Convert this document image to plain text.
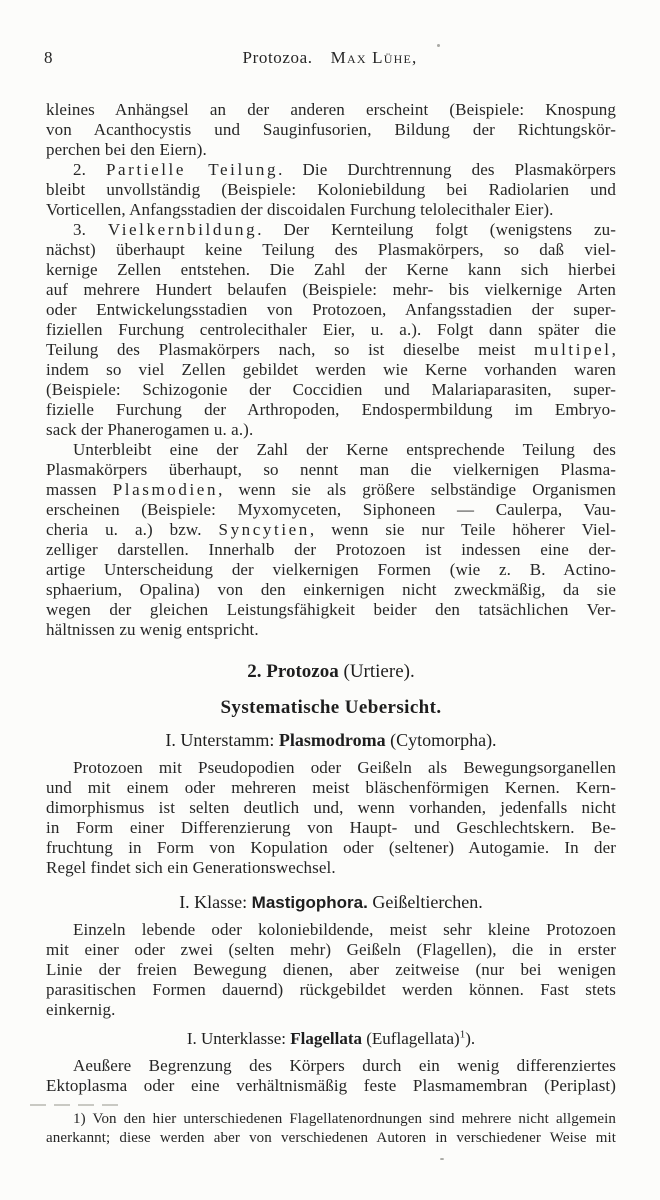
8	Protozoa. Max Lühe,
kleines Anhängsel an der anderen erscheint (Beispiele: Knospung
von Acanthocystis und Sauginfusorien, Bildung der Richtungskör-
perchen bei den Eiern).
2. Partielle Teilung. Die Durchtrennung des Plasmakörpers
bleibt unvollständig (Beispiele: Koloniebildung bei Radiolarien und
Vorticellen, Anfangsstadien der discoidalen Furchung telolecithaler Eier).
3. Vielkernbildung. Der Kernteilung folgt (wenigstens zu-
nächst) überhaupt keine Teilung des Plasmakörpers, so daß viel-
kernige Zellen entstehen. Die Zahl der Kerne kann sich hierbei
auf mehrere Hundert belaufen (Beispiele: mehr- bis vielkernige Arten
oder Entwickelungsstadien von Protozoen, Anfangsstadien der super-
fiziellen Furchung centrolecithaler Eier, u. a.). Folgt dann später die
Teilung des Plasmakörpers nach, so ist dieselbe meist multipel,
indem so viel Zellen gebildet werden wie Kerne vorhanden waren
(Beispiele: Schizogonie der Coccidien und Malariaparasiten, super-
fizielle Furchung der Arthropoden, Endospermbildung im Embryo-
sack der Phanerogamen u. a.).
Unterbleibt eine der Zahl der Kerne entsprechende Teilung des
Plasmakörpers überhaupt, so nennt man die vielkernigen Plasma-
massen Plasmodien, wenn sie als größere selbständige Organismen
erscheinen (Beispiele: Myxomyceten, Siphoneen — Caulerpa, Vau-
cheria u. a.) bzw. Syncytien, wenn sie nur Teile höherer Viel-
zelliger darstellen. Innerhalb der Protozoen ist indessen eine der-
artige Unterscheidung der vielkernigen Formen (wie z. B. Actino-
sphaerium, Opalina) von den einkernigen nicht zweckmäßig, da sie
wegen der gleichen Leistungsfähigkeit beider den tatsächlichen Ver-
hältnissen zu wenig entspricht.
2. Protozoa (Urtiere).
Systematische Uebersicht.
I. Unterstamm: Plasmodroma (Cytomorpha).
Protozoen mit Pseudopodien oder Geißeln als Bewegungsorganellen
und mit einem oder mehreren meist bläschenförmigen Kernen. Kern-
dimorphismus ist selten deutlich und, wenn vorhanden, jedenfalls nicht
in Form einer Differenzierung von Haupt- und Geschlechtskern. Be-
fruchtung in Form von Kopulation oder (seltener) Autogamie. In der
Regel findet sich ein Generationswechsel.
I. Klasse: Mastigophora. Geißeltierchen.
Einzeln lebende oder koloniebildende, meist sehr kleine Protozoen
mit einer oder zwei (selten mehr) Geißeln (Flagellen), die in erster
Linie der freien Bewegung dienen, aber zeitweise (nur bei wenigen
parasitischen Formen dauernd) rückgebildet werden können. Fast stets
einkernig.
I. Unterklasse: Flagellata (Euflagellata)$^1$).
Aeußere Begrenzung des Körpers durch ein wenig differenziertes
Ektoplasma oder eine verhältnismäßig feste Plasmamembran (Periplast)
1) Von den hier unterschiedenen Flagellatenordnungen sind mehrere nicht allgemein
anerkannt; diese werden aber von verschiedenen Autoren in verschiedener Weise mit
